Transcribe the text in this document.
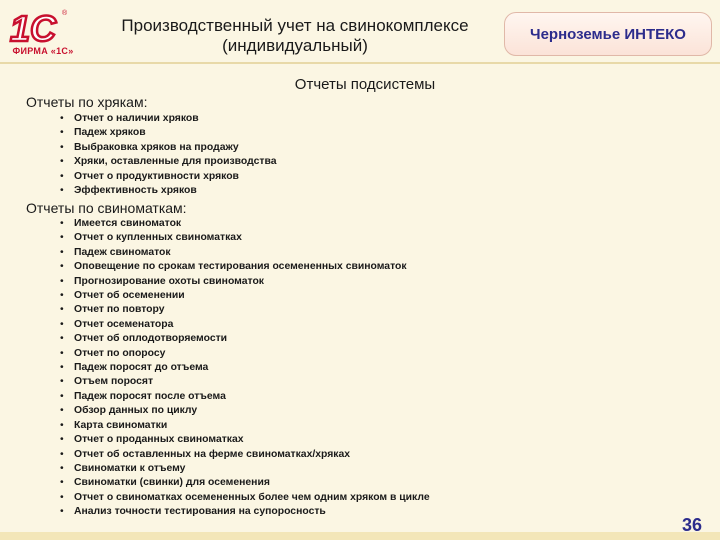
1С ®
ФИРМА «1С»
Производственный учет на свинокомплексе (индивидуальный)
Черноземье ИНТЕКО
Отчеты подсистемы
Отчеты по хрякам:
• Отчет о наличии хряков
• Падеж хряков
• Выбраковка хряков на продажу
• Хряки, оставленные для производства
• Отчет о продуктивности хряков
• Эффективность хряков
Отчеты по свиноматкам:
• Имеется свиноматок
• Отчет о купленных свиноматках
• Падеж свиноматок
• Оповещение по срокам тестирования осемененных свиноматок
• Прогнозирование охоты свиноматок
• Отчет об осеменении
• Отчет по повтору
• Отчет осеменатора
• Отчет об оплодотворяемости
• Отчет по опоросу
• Падеж поросят до отъема
• Отъем поросят
• Падеж поросят после отъема
• Обзор данных по циклу
• Карта свиноматки
• Отчет о проданных свиноматках
• Отчет об оставленных на ферме свиноматках/хряках
• Свиноматки к отъему
• Свиноматки (свинки) для осеменения
• Отчет о свиноматках осемененных более чем одним хряком в цикле
• Анализ точности тестирования на супоросность
36
